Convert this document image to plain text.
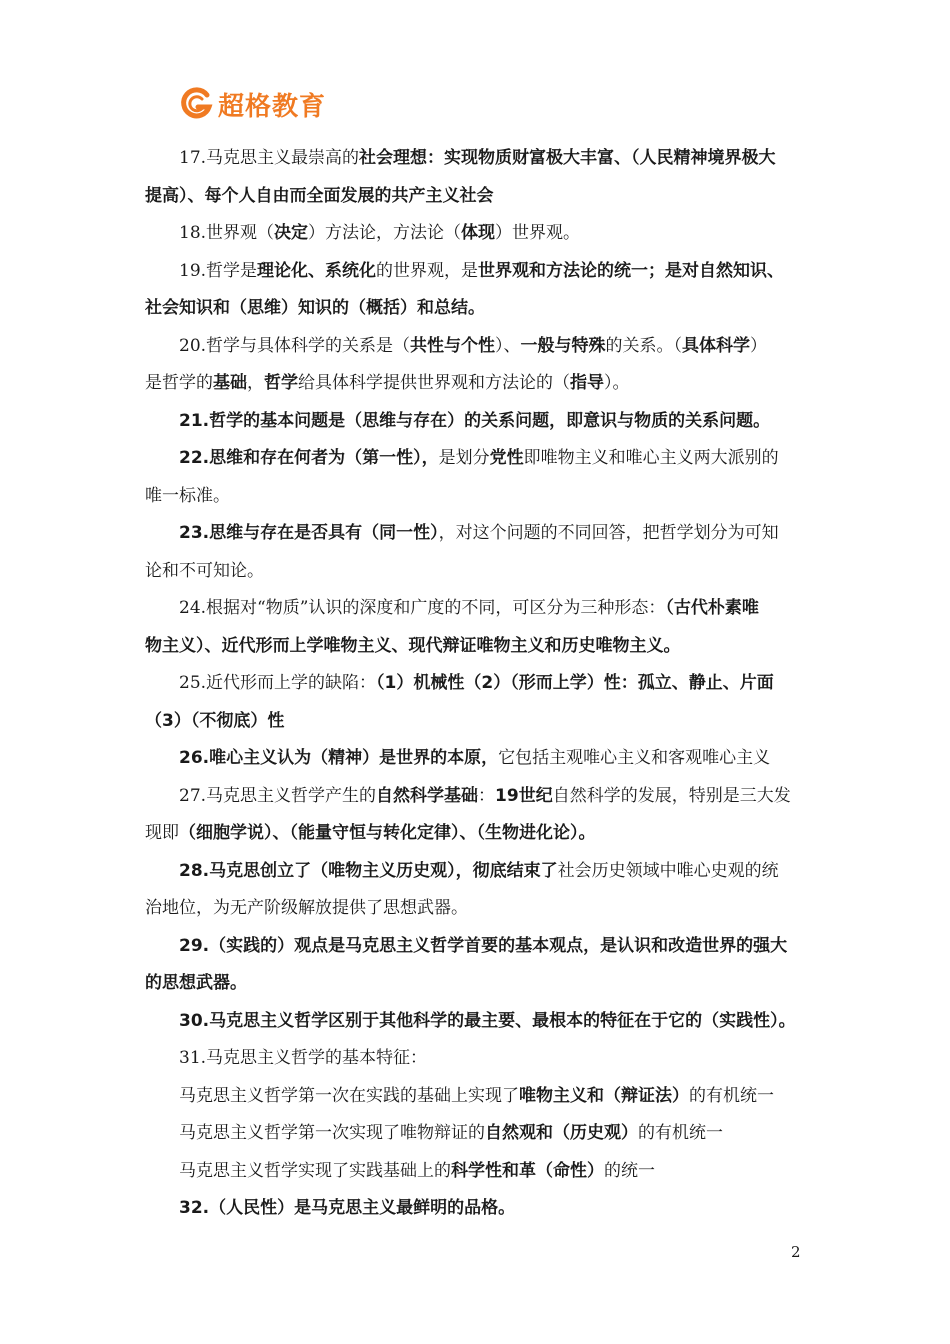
超格教育
17.马克思主义最崇高的社会理想：实现物质财富极大丰富、（人民精神境界极大
提高）、每个人自由而全面发展的共产主义社会
18.世界观（决定）方法论，方法论（体现）世界观。
19.哲学是理论化、系统化的世界观，是世界观和方法论的统一；是对自然知识、
社会知识和（思维）知识的（概括）和总结。
20.哲学与具体科学的关系是（共性与个性）、一般与特殊的关系。（具体科学）
是哲学的基础，哲学给具体科学提供世界观和方法论的（指导）。
21.哲学的基本问题是（思维与存在）的关系问题，即意识与物质的关系问题。
22.思维和存在何者为（第一性），是划分党性即唯物主义和唯心主义两大派别的
唯一标准。
23.思维与存在是否具有（同一性），对这个问题的不同回答，把哲学划分为可知
论和不可知论。
24.根据对“物质”认识的深度和广度的不同，可区分为三种形态：（古代朴素唯
物主义）、近代形而上学唯物主义、现代辩证唯物主义和历史唯物主义。
25.近代形而上学的缺陷：（1）机械性（2）（形而上学）性：孤立、静止、片面
（3）（不彻底）性
26.唯心主义认为（精神）是世界的本原，它包括主观唯心主义和客观唯心主义
27.马克思主义哲学产生的自然科学基础：19世纪自然科学的发展，特别是三大发
现即（细胞学说）、（能量守恒与转化定律）、（生物进化论）。
28.马克思创立了（唯物主义历史观），彻底结束了社会历史领域中唯心史观的统
治地位，为无产阶级解放提供了思想武器。
29.（实践的）观点是马克思主义哲学首要的基本观点，是认识和改造世界的强大
的思想武器。
30.马克思主义哲学区别于其他科学的最主要、最根本的特征在于它的（实践性）。
31.马克思主义哲学的基本特征：
马克思主义哲学第一次在实践的基础上实现了唯物主义和（辩证法）的有机统一
马克思主义哲学第一次实现了唯物辩证的自然观和（历史观）的有机统一
马克思主义哲学实现了实践基础上的科学性和革（命性）的统一
32.（人民性）是马克思主义最鲜明的品格。
2
